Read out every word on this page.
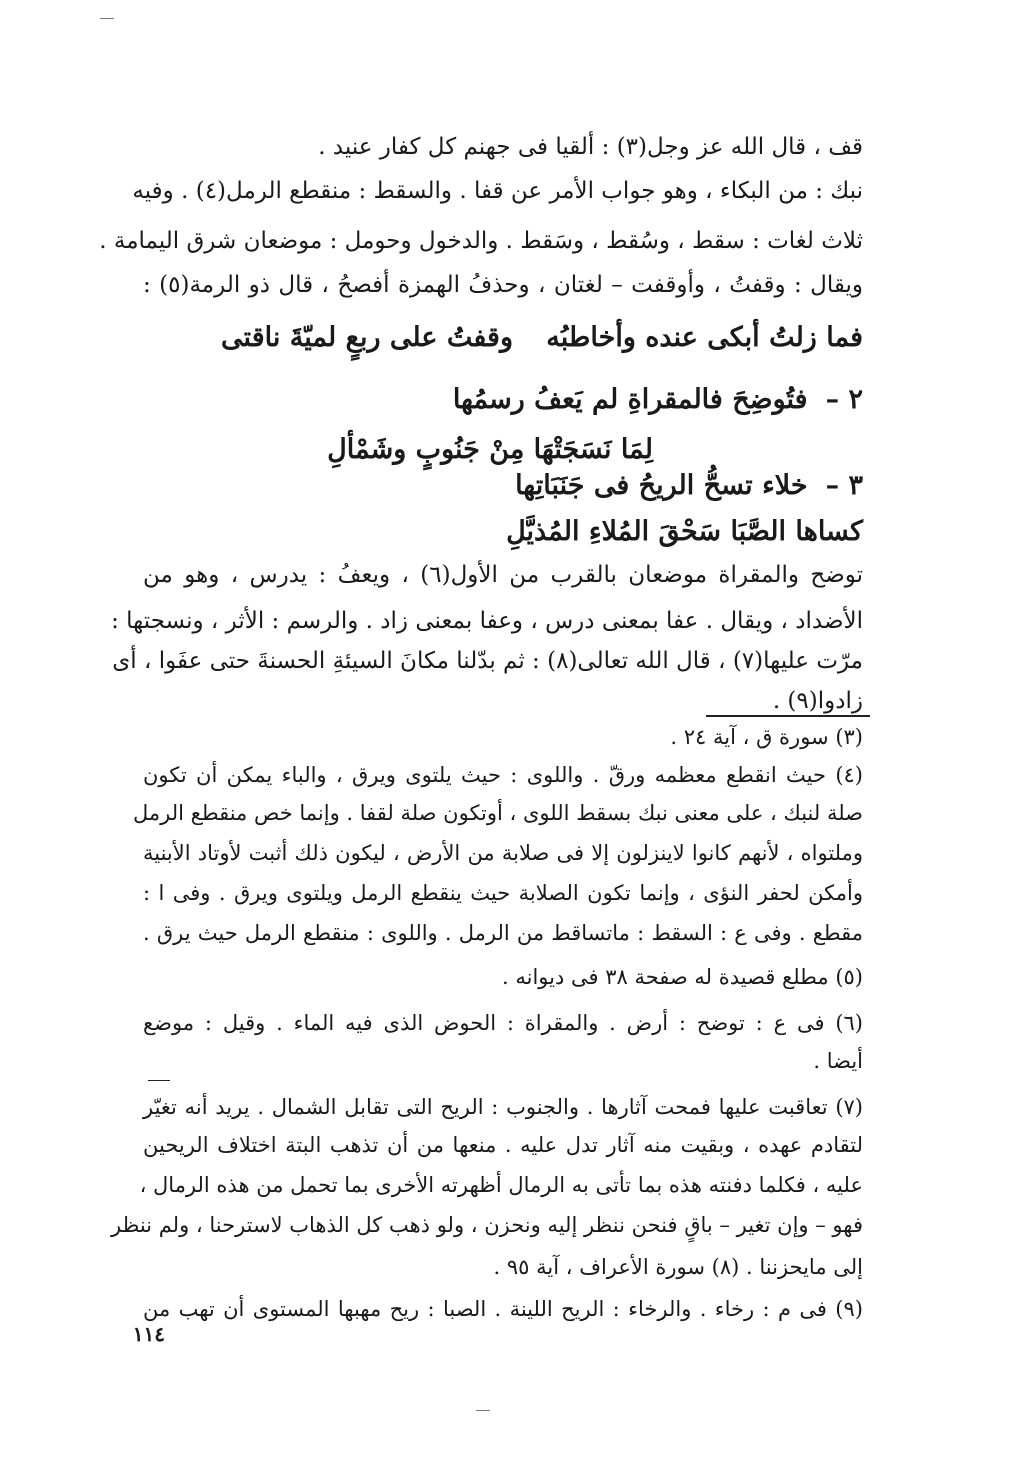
قف ، قال الله عز وجل(٣) : ألقيا فى جهنم كل كفار عنيد .
نبك : من البكاء ، وهو جواب الأمر عن قفا . والسقط : منقطع الرمل(٤) . وفيه
ثلاث لغات : سقط ، وسُقط ، وسَقط . والدخول وحومل : موضعان شرق اليمامة .
ويقال : وقفتُ ، وأوقفت – لغتان ، وحذفُ الهمزة أفصحُ ، قال ذو الرمة(٥) :
فما زلتُ أبكى عنده وأخاطبُه
وقفتُ على ربعٍ لميّةَ ناقتى
٢ –فتُوضِحَ فالمقراةِ لم يَعفُ رسمُها
لِمَا نَسَجَتْهَا مِنْ جَنُوبٍ وشَمْألِ
٣ –خلاء تسحُّ الريحُ فى جَنَبَاتِها
كساها الصَّبَا سَحْقَ المُلاءِ المُذيَّلِ
توضح والمقراة موضعان بالقرب من الأول(٦) ، ويعفُ : يدرس ، وهو من
الأضداد ، ويقال . عفا بمعنى درس ، وعفا بمعنى زاد . والرسم : الأثر ، ونسجتها :
مرّت عليها(٧) ، قال الله تعالى(٨) : ثم بدّلنا مكانَ السيئةِ الحسنةَ حتى عفَوا ، أى
زادوا(٩) .
(٣) سورة ق ، آية ٢٤ .
(٤) حيث انقطع معظمه ورقّ . واللوى : حيث يلتوى ويرق ، والباء يمكن أن تكون
صلة لنبك ، على معنى نبك بسقط اللوى ، أوتكون صلة لقفا . وإنما خص منقطع الرمل
وملتواه ، لأنهم كانوا لاينزلون إلا فى صلابة من الأرض ، ليكون ذلك أثبت لأوتاد الأبنية
وأمكن لحفر النؤى ، وإنما تكون الصلابة حيث ينقطع الرمل ويلتوى ويرق . وفى ا :
مقطع . وفى ع : السقط : ماتساقط من الرمل . واللوى : منقطع الرمل حيث يرق .
(٥) مطلع قصيدة له صفحة ٣٨ فى ديوانه .
(٦) فى ع : توضح : أرض . والمقراة : الحوض الذى فيه الماء . وقيل : موضع
أيضا .
(٧) تعاقبت عليها فمحت آثارها . والجنوب : الريح التى تقابل الشمال . يريد أنه تغيّر
لتقادم عهده ، وبقيت منه آثار تدل عليه . منعها من أن تذهب البتة اختلاف الريحين
عليه ، فكلما دفنته هذه بما تأتى به الرمال أظهرته الأخرى بما تحمل من هذه الرمال ،
فهو – وإن تغير – باقٍ فنحن ننظر إليه ونحزن ، ولو ذهب كل الذهاب لاسترحنا ، ولم ننظر
إلى مايحزننا . (٨) سورة الأعراف ، آية ٩٥ .
(٩) فى م : رخاء . والرخاء : الريح اللينة . الصبا : ريح مهبها المستوى أن تهب من
١١٤
